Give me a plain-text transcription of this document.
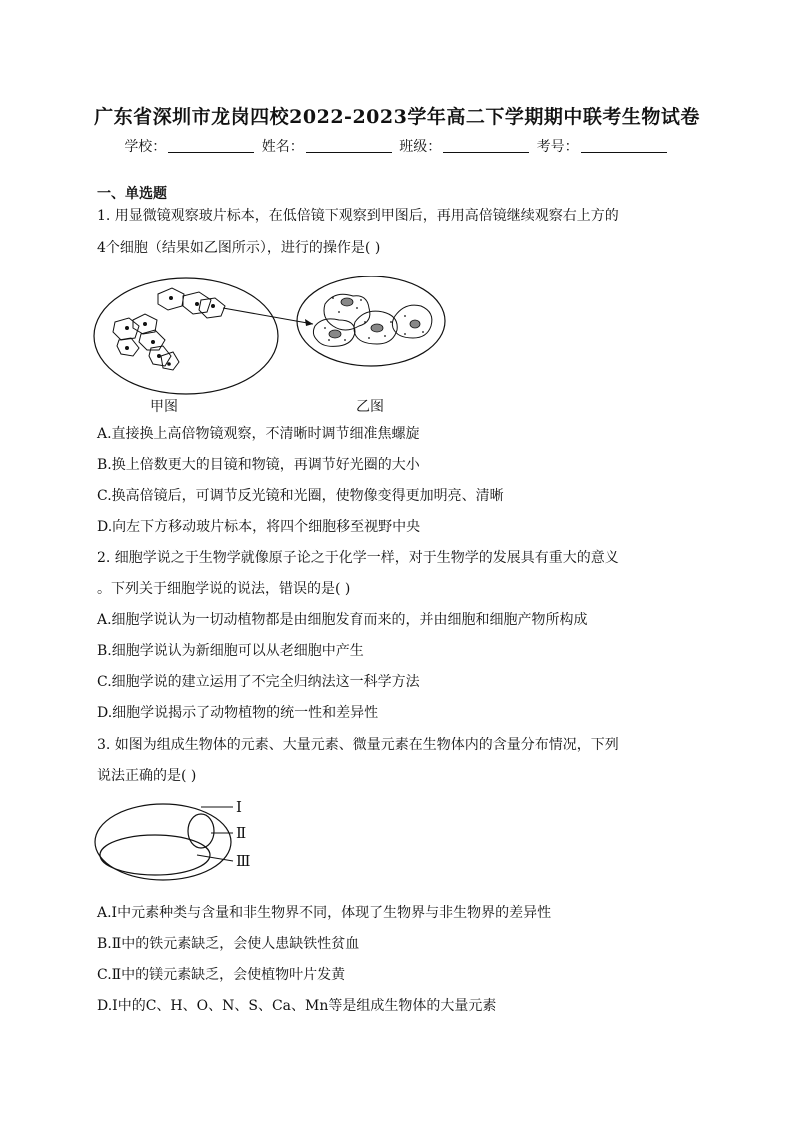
广东省深圳市龙岗四校2022-2023学年高二下学期期中联考生物试卷
学校：	姓名：	班级：	考号：
一、单选题
1. 用显微镜观察玻片标本，在低倍镜下观察到甲图后，再用高倍镜继续观察右上方的
4个细胞（结果如乙图所示），进行的操作是( )
甲图	乙图
A.直接换上高倍物镜观察，不清晰时调节细准焦螺旋
B.换上倍数更大的目镜和物镜，再调节好光圈的大小
C.换高倍镜后，可调节反光镜和光圈，使物像变得更加明亮、清晰
D.向左下方移动玻片标本，将四个细胞移至视野中央
2. 细胞学说之于生物学就像原子论之于化学一样，对于生物学的发展具有重大的意义
。下列关于细胞学说的说法，错误的是( )
A.细胞学说认为一切动植物都是由细胞发育而来的，并由细胞和细胞产物所构成
B.细胞学说认为新细胞可以从老细胞中产生
C.细胞学说的建立运用了不完全归纳法这一科学方法
D.细胞学说揭示了动物植物的统一性和差异性
3. 如图为组成生物体的元素、大量元素、微量元素在生物体内的含量分布情况，下列
说法正确的是( )
Ⅰ
Ⅱ
Ⅲ
A.Ⅰ中元素种类与含量和非生物界不同，体现了生物界与非生物界的差异性
B.Ⅱ中的铁元素缺乏，会使人患缺铁性贫血
C.Ⅱ中的镁元素缺乏，会使植物叶片发黄
D.Ⅰ中的C、H、O、N、S、Ca、Mn等是组成生物体的大量元素
